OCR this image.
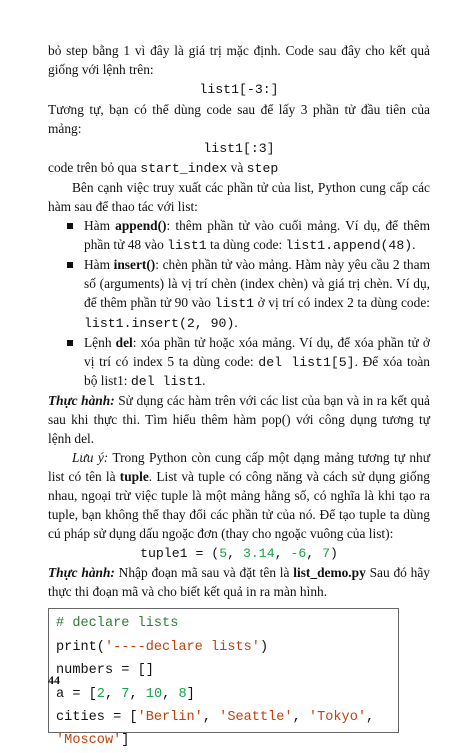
bỏ step bằng 1 vì đây là giá trị mặc định. Code sau đây cho kết quả giống với lệnh trên:

list1[-3:]

Tương tự, bạn có thể dùng code sau để lấy 3 phần tử đầu tiên của mảng:

list1[:3]

code trên bỏ qua start_index và step

Bên cạnh việc truy xuất các phần tử của list, Python cung cấp các hàm sau để thao tác với list:

Hàm append(): thêm phần tử vào cuối mảng. Ví dụ, để thêm phần tử 48 vào list1 ta dùng code: list1.append(48).
Hàm insert(): chèn phần tử vào mảng. Hàm này yêu cầu 2 tham số (arguments) là vị trí chèn (index chèn) và giá trị chèn. Ví dụ, để thêm phần tử 90 vào list1 ở vị trí có index 2 ta dùng code: list1.insert(2, 90).
Lệnh del: xóa phần tử hoặc xóa mảng. Ví dụ, để xóa phần tử ở vị trí có index 5 ta dùng code: del list1[5]. Để xóa toàn bộ list1: del list1.

Thực hành: Sử dụng các hàm trên với các list của bạn và in ra kết quả sau khi thực thi. Tìm hiểu thêm hàm pop() với công dụng tương tự lệnh del.

Lưu ý: Trong Python còn cung cấp một dạng mảng tương tự như list có tên là tuple. List và tuple có công năng và cách sử dụng giống nhau, ngoại trừ việc tuple là một mảng hằng số, có nghĩa là khi tạo ra tuple, bạn không thể thay đổi các phần tử của nó. Để tạo tuple ta dùng cú pháp sử dụng dấu ngoặc đơn (thay cho ngoặc vuông của list):

tuple1 = (5, 3.14, -6, 7)

Thực hành: Nhập đoạn mã sau và đặt tên là list_demo.py Sau đó hãy thực thi đoạn mã và cho biết kết quả in ra màn hình.

# declare lists
print('----declare lists')
numbers = []
a = [2, 7, 10, 8]
cities = ['Berlin', 'Seattle', 'Tokyo', 'Moscow']
44
